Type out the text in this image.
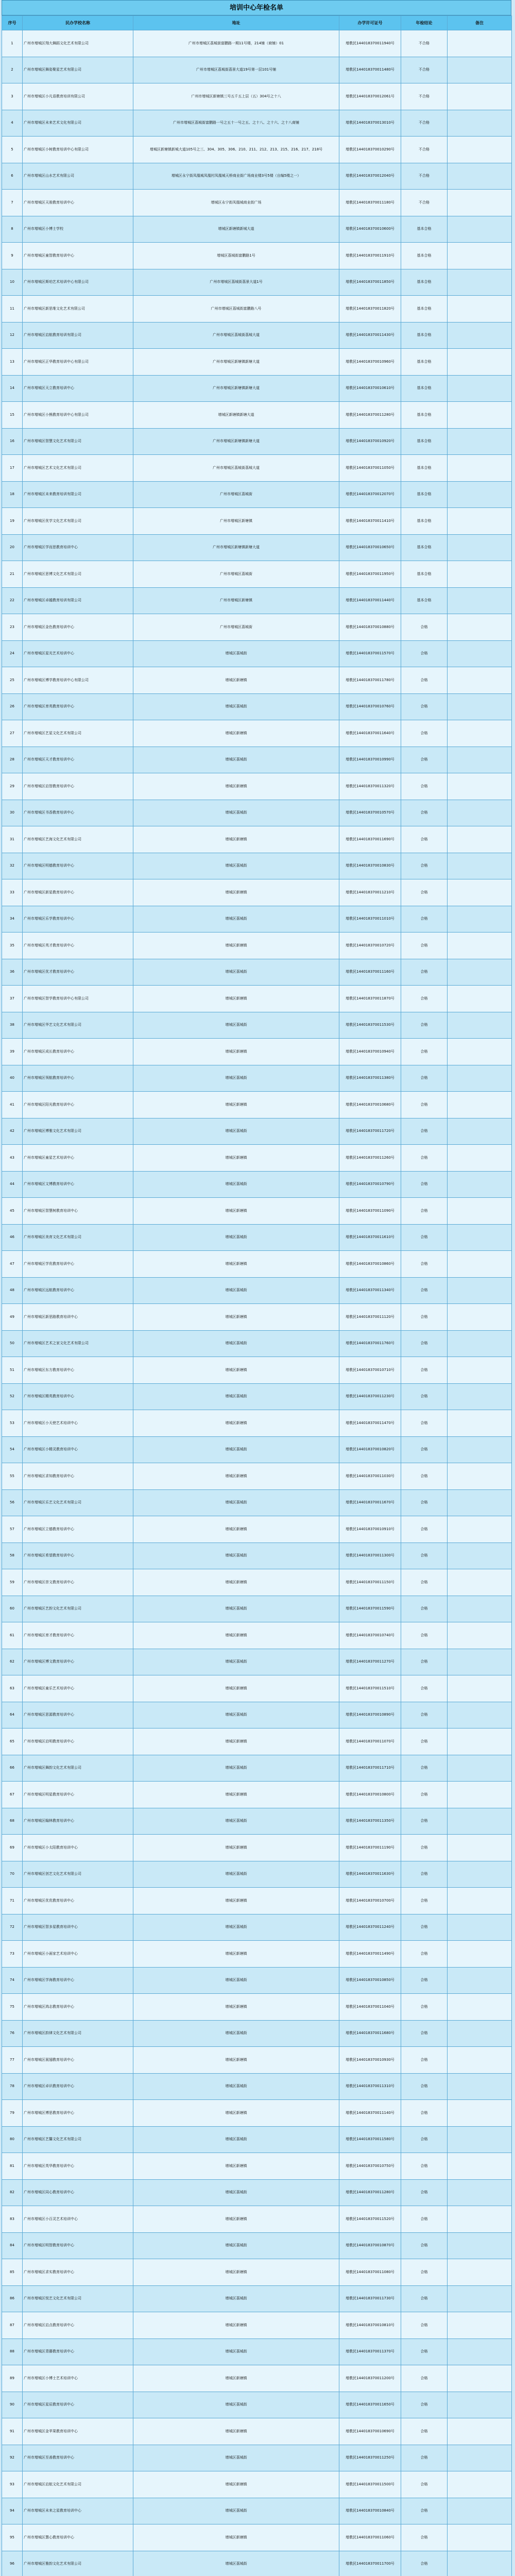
培训中心年检名单
序号	民办学校名称	地址	办学许可证号	年检结论	备注
1	广州市增城区翔大舞蹈文化艺术有限公司	广州市增城区荔城街富鹏路一期11号楼，214铺（商铺）01	增教民144018370011940号	不合格	
2	广州市增城区舞姿聚星艺术有限公司	广州市增城区荔城街荔景大道19号第一层101号铺	增教民144018370011480号	不合格	
3	广州市增城区小凡语教育培训有限公司	广州市增城区新塘镇三号五千五上层（五）304号之十八	增教民144018370012061号	不合格	
4	广州市增城区未来艺术文化有限公司	广州市增城区荔城街富鹏路一号之五十一号之五、之十八、之十六、之十八商铺	增教民144018370013010号	不合格	
5	广州市增城区小树教育培训中心有限公司	增城区新塘镇新城大道105号之三、304、305、306、210、211、212、213、215、216、217、218号	增教民144018370010290号	不合格	
6	广州市增城区山水艺术有限公司	增城区永宁街凤凰城凤凰村凤凰城天桥商业街广场商业楼3号5楼（自编5楼之一）	增教民144018370012040号	不合格	
7	广州市增城区天骏教育培训中心	增城区永宁街凤凰城商业街广场	增教民144018370011180号	不合格	
8	广州市增城区小博士学校	增城区新塘镇新城大道	增教民144018370010600号	基本合格	
9	广州市增城区童智教育培训中心	增城区荔城街富鹏路1号	增教民144018370011910号	基本合格	
10	广州市增城区斯珀艺术培训中心有限公司	广州市增城区荔城街荔景大道1号	增教民144018370011850号	基本合格	
11	广州市增城区新思维文化艺术有限公司	广州市增城区荔城街富鹏路八号	增教民144018370011820号	基本合格	
12	广州市增城区启航教育培训有限公司	广州市增城区荔城街荔城大道	增教民144018370011430号	基本合格	
13	广州市增城区正华教育培训中心有限公司	广州市增城区新塘镇新塘大道	增教民144018370010960号	基本合格	
14	广州市增城区天立教育培训中心	广州市增城区新塘镇新塘大道	增教民144018370010610号	基本合格	
15	广州市增城区小熊教育培训中心有限公司	增城区新塘镇新塘大道	增教民144018370011280号	基本合格	
16	广州市增城区智慧文化艺术有限公司	广州市增城区新塘镇新塘大道	增教民144018370010920号	基本合格	
17	广州市增城区艺术文化艺术有限公司	广州市增城区荔城街荔城大道	增教民144018370011050号	基本合格	
18	广州市增城区未来教育培训有限公司	广州市增城区荔城街	增教民144018370012070号	基本合格	
19	广州市增城区优学文化艺术有限公司	广州市增城区新塘镇	增教民144018370011410号	基本合格	
20	广州市增城区学而思教育培训中心	广州市增城区新塘镇新塘大道	增教民144018370010650号	基本合格	
21	广州市增城区思博文化艺术有限公司	广州市增城区荔城街	增教民144018370011950号	基本合格	
22	广州市增城区卓越教育培训有限公司	广州市增城区新塘镇	增教民144018370011440号	基本合格	
23	广州市增城区金色教育培训中心	广州市增城区荔城街	增教民144018370010880号	合格	
24	广州市增城区星光艺术培训中心	增城区荔城街	增教民144018370011570号	合格	
25	广州市增城区博学教育培训中心有限公司	增城区新塘镇	增教民144018370011780号	合格	
26	广州市增城区育英教育培训中心	增城区荔城街	增教民144018370010760号	合格	
27	广州市增城区艺星文化艺术有限公司	增城区新塘镇	增教民144018370011640号	合格	
28	广州市增城区天才教育培训中心	增城区荔城街	增教民144018370010990号	合格	
29	广州市增城区启智教育培训中心	增城区新塘镇	增教民144018370011320号	合格	
30	广州市增城区书香教育培训中心	增城区荔城街	增教民144018370010570号	合格	
31	广州市增城区艺海文化艺术有限公司	增城区新塘镇	增教民144018370011690号	合格	
32	广州市增城区明德教育培训中心	增城区荔城街	增教民144018370010830号	合格	
33	广州市增城区新星教育培训中心	增城区新塘镇	增教民144018370011210号	合格	
34	广州市增城区乐学教育培训中心	增城区荔城街	增教民144018370011010号	合格	
35	广州市增城区英才教育培训中心	增城区新塘镇	增教民144018370010720号	合格	
36	广州市增城区优才教育培训中心	增城区荔城街	增教民144018370011160号	合格	
37	广州市增城区智学教育培训中心有限公司	增城区新塘镇	增教民144018370011870号	合格	
38	广州市增城区华艺文化艺术有限公司	增城区荔城街	增教民144018370011530号	合格	
39	广州市增城区成长教育培训中心	增城区新塘镇	增教民144018370010940号	合格	
40	广州市增城区领航教育培训中心	增城区荔城街	增教民144018370011380号	合格	
41	广州市增城区阳光教育培训中心	增城区新塘镇	增教民144018370010680号	合格	
42	广州市增城区博雅文化艺术有限公司	增城区荔城街	增教民144018370011720号	合格	
43	广州市增城区童星艺术培训中心	增城区新塘镇	增教民144018370011260号	合格	
44	广州市增城区文博教育培训中心	增城区荔城街	增教民144018370010790号	合格	
45	广州市增城区智慧树教育培训中心	增城区新塘镇	增教民144018370011090号	合格	
46	广州市增城区美育文化艺术有限公司	增城区荔城街	增教民144018370011610号	合格	
47	广州市增城区学优教育培训中心	增城区新塘镇	增教民144018370010860号	合格	
48	广州市增城区远航教育培训中心	增城区荔城街	增教民144018370011340号	合格	
49	广州市增城区新思路教育培训中心	增城区新塘镇	增教民144018370011120号	合格	
50	广州市增城区艺术之家文化艺术有限公司	增城区荔城街	增教民144018370011760号	合格	
51	广州市增城区东方教育培训中心	增城区新塘镇	增教民144018370010710号	合格	
52	广州市增城区精英教育培训中心	增城区荔城街	增教民144018370011230号	合格	
53	广州市增城区小天使艺术培训中心	增城区新塘镇	增教民144018370011470号	合格	
54	广州市增城区小精灵教育培训中心	增城区荔城街	增教民144018370010820号	合格	
55	广州市增城区求知教育培训中心	增城区新塘镇	增教民144018370011030号	合格	
56	广州市增城区乐艺文化艺术有限公司	增城区荔城街	增教民144018370011670号	合格	
57	广州市增城区立德教育培训中心	增城区新塘镇	增教民144018370010910号	合格	
58	广州市增城区希望教育培训中心	增城区荔城街	增教民144018370011300号	合格	
59	广州市增城区崇文教育培训中心	增城区新塘镇	增教民144018370011150号	合格	
60	广州市增城区艺韵文化艺术有限公司	增城区荔城街	增教民144018370011590号	合格	
61	广州市增城区育才教育培训中心	增城区新塘镇	增教民144018370010740号	合格	
62	广州市增城区博文教育培训中心	增城区荔城街	增教民144018370011270号	合格	
63	广州市增城区童乐艺术培训中心	增城区新塘镇	增教民144018370011510号	合格	
64	广州市增城区思源教育培训中心	增城区荔城街	增教民144018370010890号	合格	
65	广州市增城区启明教育培训中心	增城区新塘镇	增教民144018370011070号	合格	
66	广州市增城区舞韵文化艺术有限公司	增城区荔城街	增教民144018370011710号	合格	
67	广州市增城区明星教育培训中心	增城区新塘镇	增教民144018370010800号	合格	
68	广州市增城区翰林教育培训中心	增城区荔城街	增教民144018370011350号	合格	
69	广州市增城区小太阳教育培训中心	增城区新塘镇	增教民144018370011190号	合格	
70	广州市增城区创艺文化艺术有限公司	增城区荔城街	增教民144018370011630号	合格	
71	广州市增城区优优教育培训中心	增城区新塘镇	增教民144018370010700号	合格	
72	广州市增城区智多星教育培训中心	增城区荔城街	增教民144018370011240号	合格	
73	广州市增城区小画家艺术培训中心	增城区新塘镇	增教民144018370011490号	合格	
74	广州市增城区学海教育培训中心	增城区荔城街	增教民144018370010850号	合格	
75	广州市增城区鸿志教育培训中心	增城区新塘镇	增教民144018370011040号	合格	
76	广州市增城区韵律文化艺术有限公司	增城区荔城街	增教民144018370011680号	合格	
77	广州市增城区展翅教育培训中心	增城区新塘镇	增教民144018370010930号	合格	
78	广州市增城区卓识教育培训中心	增城区荔城街	增教民144018370011310号	合格	
79	广州市增城区博思教育培训中心	增城区新塘镇	增教民144018370011140号	合格	
80	广州市增城区艺馨文化艺术有限公司	增城区荔城街	增教民144018370011580号	合格	
81	广州市增城区英华教育培训中心	增城区新塘镇	增教民144018370010750号	合格	
82	广州市增城区同心教育培训中心	增城区荔城街	增教民144018370011280号	合格	
83	广州市增城区小百灵艺术培训中心	增城区新塘镇	增教民144018370011520号	合格	
84	广州市增城区明智教育培训中心	增城区荔城街	增教民144018370010870号	合格	
85	广州市增城区求实教育培训中心	增城区新塘镇	增教民144018370011080号	合格	
86	广州市增城区悦艺文化艺术有限公司	增城区荔城街	增教民144018370011730号	合格	
87	广州市增城区启点教育培训中心	增城区新塘镇	增教民144018370010810号	合格	
88	广州市增城区青藤教育培训中心	增城区荔城街	增教民144018370011370号	合格	
89	广州市增城区小博士艺术培训中心	增城区新塘镇	增教民144018370011200号	合格	
90	广州市增城区星辰教育培训中心	增城区荔城街	增教民144018370011650号	合格	
91	广州市增城区金苹果教育培训中心	增城区新塘镇	增教民144018370010690号	合格	
92	广州市增城区至善教育培训中心	增城区荔城街	增教民144018370011250号	合格	
93	广州市增城区启航文化艺术有限公司	增城区新塘镇	增教民144018370011500号	合格	
94	广州市增城区未来之星教育培训中心	增城区荔城街	增教民144018370010840号	合格	
95	广州市增城区慧心教育培训中心	增城区新塘镇	增教民144018370011060号	合格	
96	广州市增城区雅韵文化艺术有限公司	增城区荔城街	增教民144018370011700号	合格	
